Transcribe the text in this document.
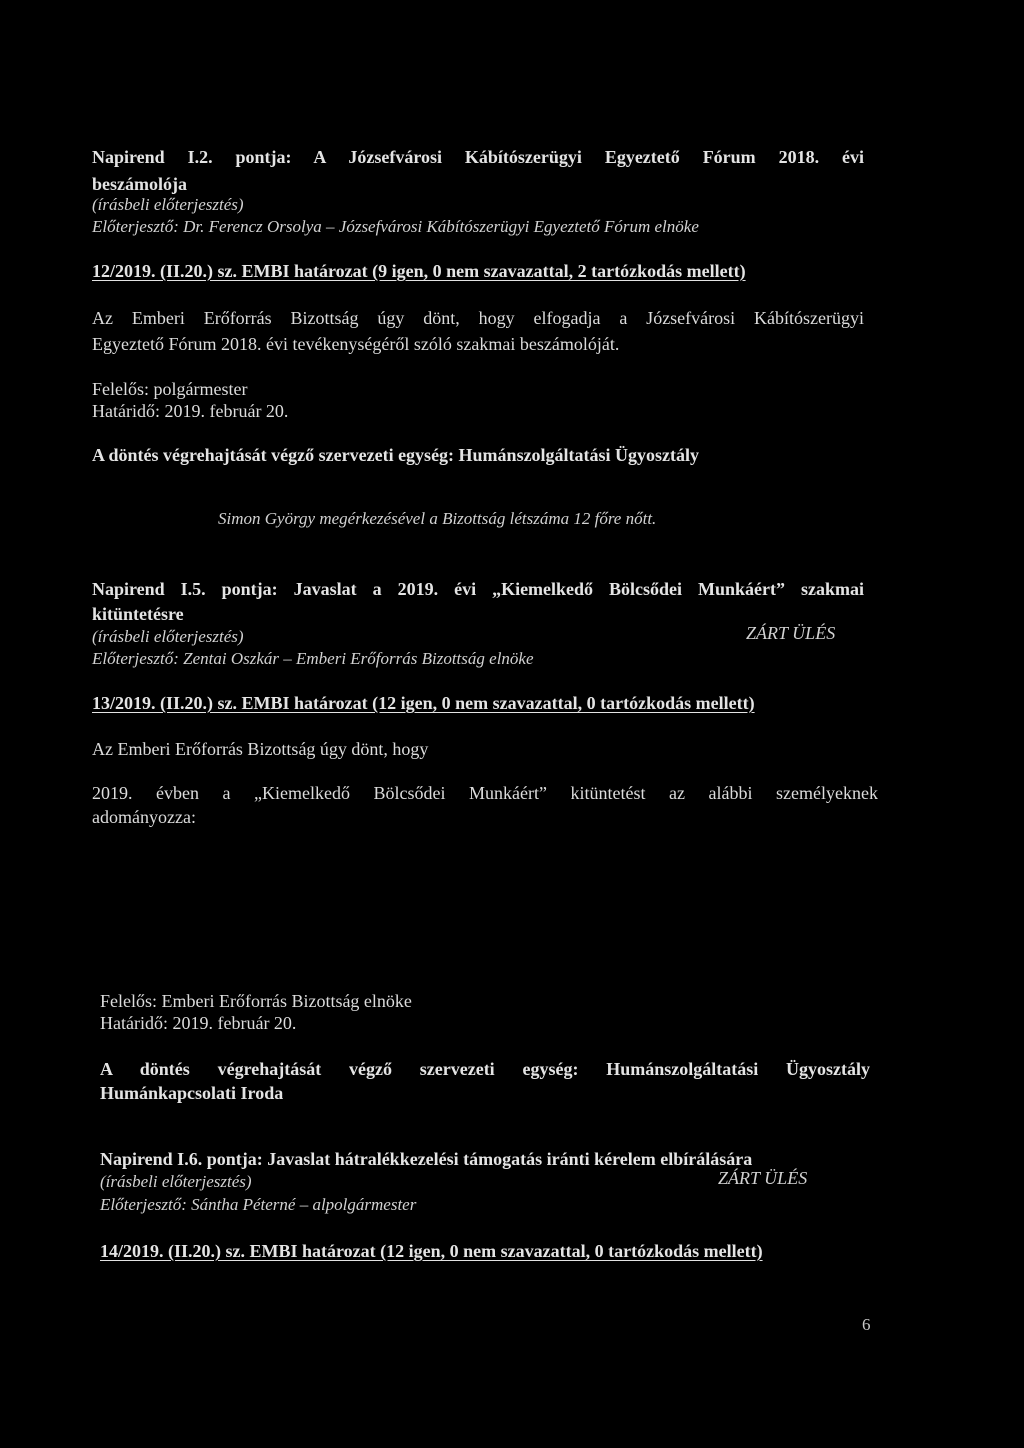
Napirend I.2. pontja: A Józsefvárosi Kábítószerügyi Egyeztető Fórum 2018. évi
beszámolója
(írásbeli előterjesztés)
Előterjesztő: Dr. Ferencz Orsolya – Józsefvárosi Kábítószerügyi Egyeztető Fórum elnöke
12/2019. (II.20.) sz. EMBI határozat (9 igen, 0 nem szavazattal, 2 tartózkodás mellett)
Az Emberi Erőforrás Bizottság úgy dönt, hogy elfogadja a Józsefvárosi Kábítószerügyi
Egyeztető Fórum 2018. évi tevékenységéről szóló szakmai beszámolóját.
Felelős: polgármester
Határidő: 2019. február 20.
A döntés végrehajtását végző szervezeti egység: Humánszolgáltatási Ügyosztály
Simon György megérkezésével a Bizottság létszáma 12 főre nőtt.
Napirend I.5. pontja: Javaslat a 2019. évi „Kiemelkedő Bölcsődei Munkáért” szakmai
kitüntetésre
(írásbeli előterjesztés)	ZÁRT ÜLÉS
Előterjesztő: Zentai Oszkár – Emberi Erőforrás Bizottság elnöke
13/2019. (II.20.) sz. EMBI határozat (12 igen, 0 nem szavazattal, 0 tartózkodás mellett)
Az Emberi Erőforrás Bizottság úgy dönt, hogy
2019. évben a „Kiemelkedő Bölcsődei Munkáért” kitüntetést az alábbi személyeknek
adományozza:
Felelős: Emberi Erőforrás Bizottság elnöke
Határidő: 2019. február 20.
A döntés végrehajtását végző szervezeti egység: Humánszolgáltatási Ügyosztály
Humánkapcsolati Iroda
Napirend I.6. pontja: Javaslat hátralékkezelési támogatás iránti kérelem elbírálására
(írásbeli előterjesztés)	ZÁRT ÜLÉS
Előterjesztő: Sántha Péterné – alpolgármester
14/2019. (II.20.) sz. EMBI határozat (12 igen, 0 nem szavazattal, 0 tartózkodás mellett)
6
